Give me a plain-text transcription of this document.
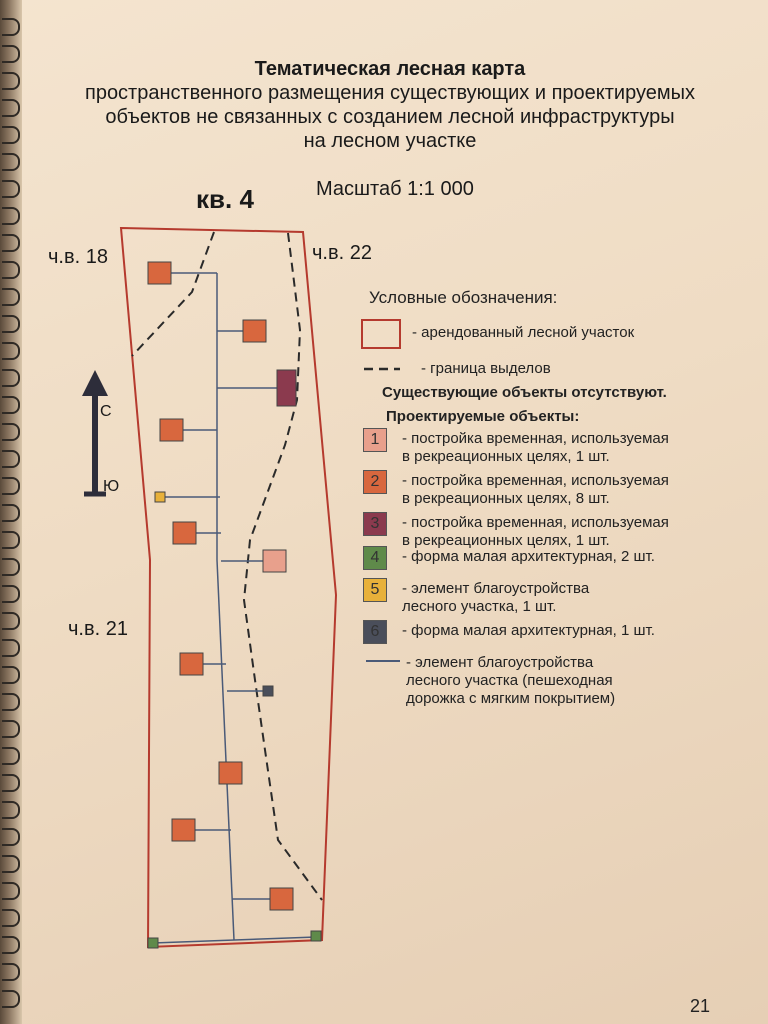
Тематическая лесная карта
пространственного размещения существующих и проектируемых
объектов не связанных с созданием лесной инфраструктуры
на лесном участке
кв. 4	Масштаб 1:1 000
ч.в. 18	ч.в. 22
ч.в. 21
С
Ю
Условные обозначения:
- арендованный лесной участок
- граница выделов
Существующие объекты отсутствуют.
Проектируемые объекты:
1	- постройка временная, используемая
в рекреационных целях, 1 шт.
2	- постройка временная, используемая
в рекреационных целях, 8 шт.
3	- постройка временная, используемая
в рекреационных целях, 1 шт.
4	- форма малая архитектурная, 2 шт.
5	- элемент благоустройства
лесного участка, 1 шт.
6	- форма малая архитектурная, 1 шт.
- элемент благоустройства
лесного участка (пешеходная
дорожка с мягким покрытием)
21
